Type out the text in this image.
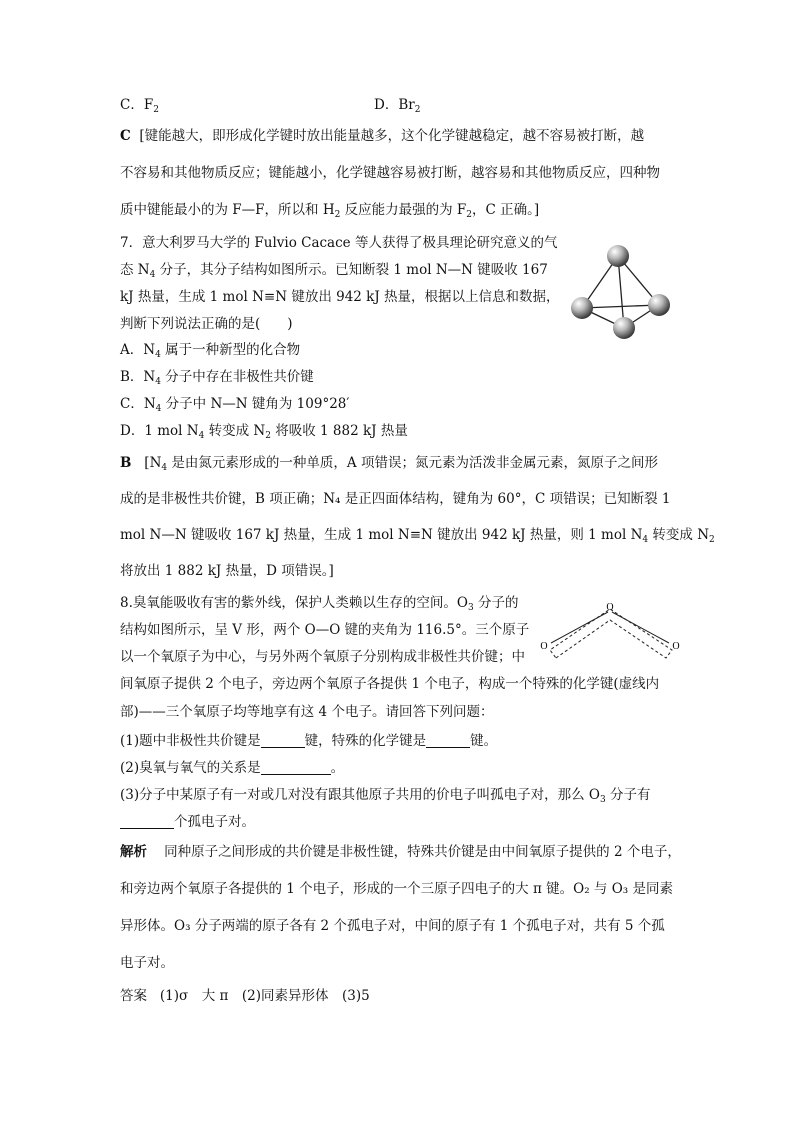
C．$F_2$	D．$Br_2$
C [键能越大，即形成化学键时放出能量越多，这个化学键越稳定，越不容易被打断，越
不容易和其他物质反应；键能越小，化学键越容易被打断，越容易和其他物质反应，四种物
质中键能最小的为 F—F，所以和 $H_2$ 反应能力最强的为 $F_2$，C 正确。]
7．意大利罗马大学的 Fulvio Cacace 等人获得了极具理论研究意义的气
态 $N_4$ 分子，其分子结构如图所示。已知断裂 1 mol N—N 键吸收 167
kJ 热量，生成 1 mol N≡N 键放出 942 kJ 热量，根据以上信息和数据，
判断下列说法正确的是(　　)
A．$N_4$ 属于一种新型的化合物
B．$N_4$ 分子中存在非极性共价键
C．$N_4$ 分子中 N—N 键角为 109°28′
D．1 mol $N_4$ 转变成 $N_2$ 将吸收 1 882 kJ 热量
B [$N_4$ 是由氮元素形成的一种单质，A 项错误；氮元素为活泼非金属元素，氮原子之间形
成的是非极性共价键，B 项正确；N₄ 是正四面体结构，键角为 60°，C 项错误；已知断裂 1
mol N—N 键吸收 167 kJ 热量，生成 1 mol N≡N 键放出 942 kJ 热量，则 1 mol $N_4$ 转变成 $N_2$
将放出 1 882 kJ 热量，D 项错误。]
8.臭氧能吸收有害的紫外线，保护人类赖以生存的空间。$O_3$ 分子的
结构如图所示，呈 V 形，两个 O—O 键的夹角为 116.5°。三个原子
以一个氧原子为中心，与另外两个氧原子分别构成非极性共价键；中
间氧原子提供 2 个电子，旁边两个氧原子各提供 1 个电子，构成一个特殊的化学键(虚线内
部)——三个氧原子均等地享有这 4 个电子。请回答下列问题：
O
O	O
(1)题中非极性共价键是	键，特殊的化学键是	键。
(2)臭氧与氧气的关系是	。
(3)分子中某原子有一对或几对没有跟其他原子共用的价电子叫孤电子对，那么 $O_3$ 分子有
个孤电子对。
解析 同种原子之间形成的共价键是非极性键，特殊共价键是由中间氧原子提供的 2 个电子，
和旁边两个氧原子各提供的 1 个电子，形成的一个三原子四电子的大 π 键。O₂ 与 O₃ 是同素
异形体。O₃ 分子两端的原子各有 2 个孤电子对，中间的原子有 1 个孤电子对，共有 5 个孤
电子对。
答案 (1)σ　大 π　(2)同素异形体　(3)5
